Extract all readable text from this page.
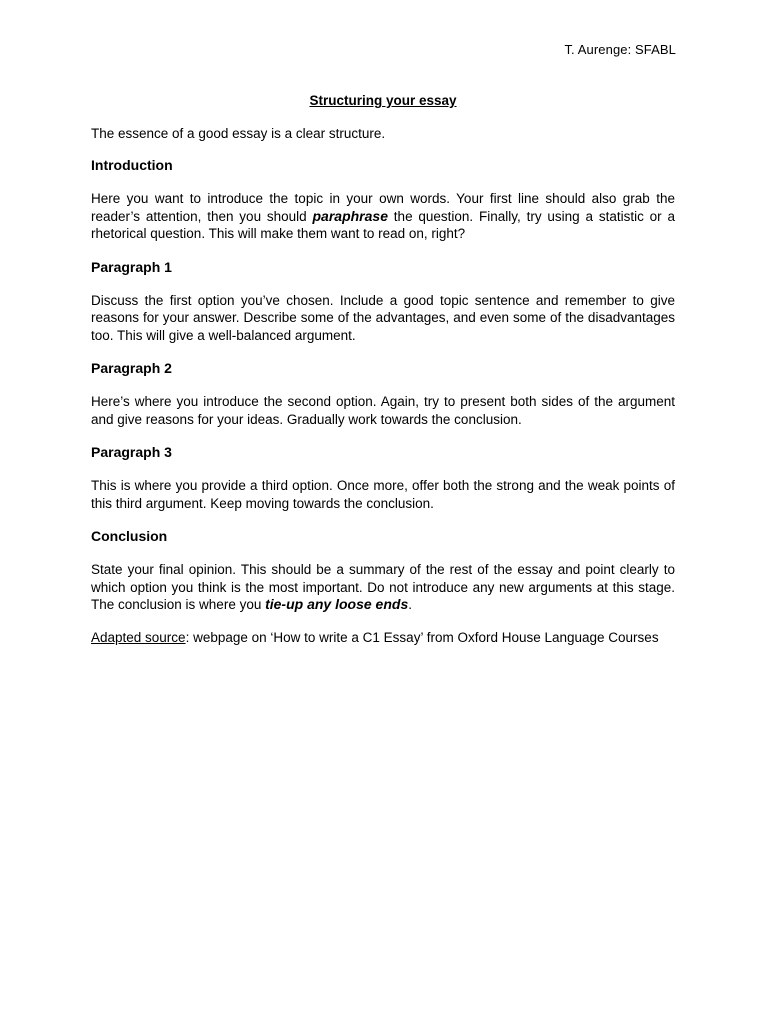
T. Aurenge: SFABL
Structuring your essay
The essence of a good essay is a clear structure.
Introduction
Here you want to introduce the topic in your own words. Your first line should also grab the reader’s attention, then you should paraphrase the question. Finally, try using a statistic or a rhetorical question. This will make them want to read on, right?
Paragraph 1
Discuss the first option you’ve chosen. Include a good topic sentence and remember to give reasons for your answer. Describe some of the advantages, and even some of the disadvantages too. This will give a well-balanced argument.
Paragraph 2
Here’s where you introduce the second option. Again, try to present both sides of the argument and give reasons for your ideas. Gradually work towards the conclusion.
Paragraph 3
This is where you provide a third option. Once more, offer both the strong and the weak points of this third argument. Keep moving towards the conclusion.
Conclusion
State your final opinion. This should be a summary of the rest of the essay and point clearly to which option you think is the most important. Do not introduce any new arguments at this stage. The conclusion is where you tie-up any loose ends.
Adapted source: webpage on ‘How to write a C1 Essay’ from Oxford House Language Courses
